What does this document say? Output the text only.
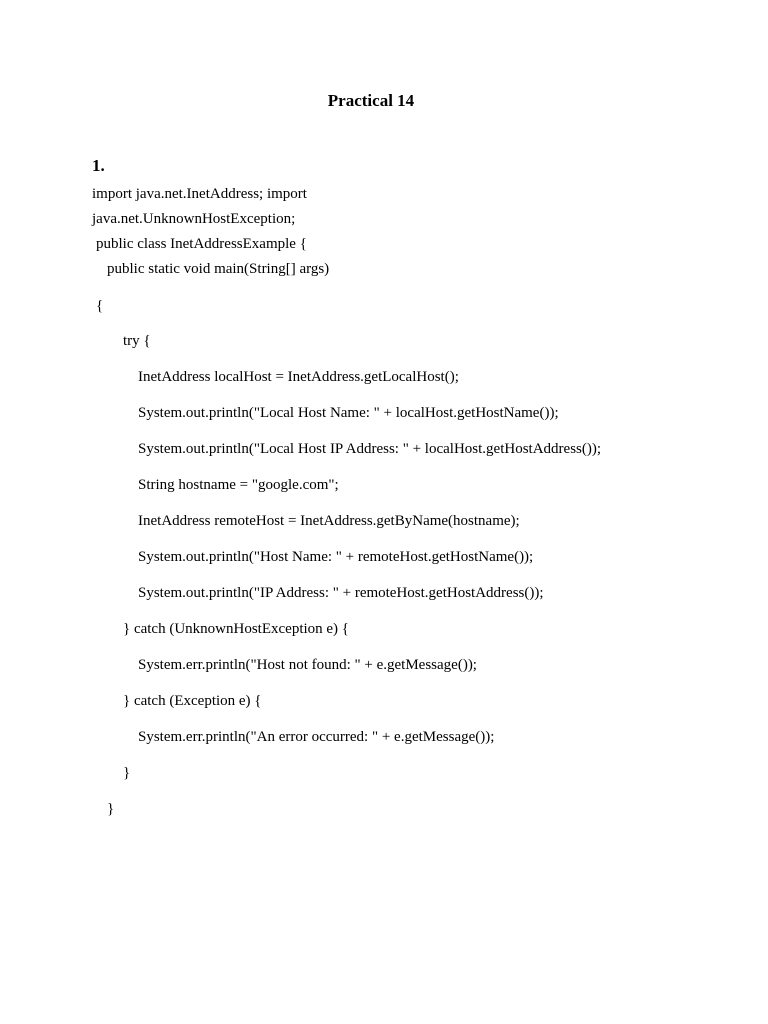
Practical 14
1.
import java.net.InetAddress; import
java.net.UnknownHostException;
public class InetAddressExample {
public static void main(String[] args)
{
try {
InetAddress localHost = InetAddress.getLocalHost();
System.out.println("Local Host Name: " + localHost.getHostName());
System.out.println("Local Host IP Address: " + localHost.getHostAddress());
String hostname = "google.com";
InetAddress remoteHost = InetAddress.getByName(hostname);
System.out.println("Host Name: " + remoteHost.getHostName());
System.out.println("IP Address: " + remoteHost.getHostAddress());
} catch (UnknownHostException e) {
System.err.println("Host not found: " + e.getMessage());
} catch (Exception e) {
System.err.println("An error occurred: " + e.getMessage());
}
}
